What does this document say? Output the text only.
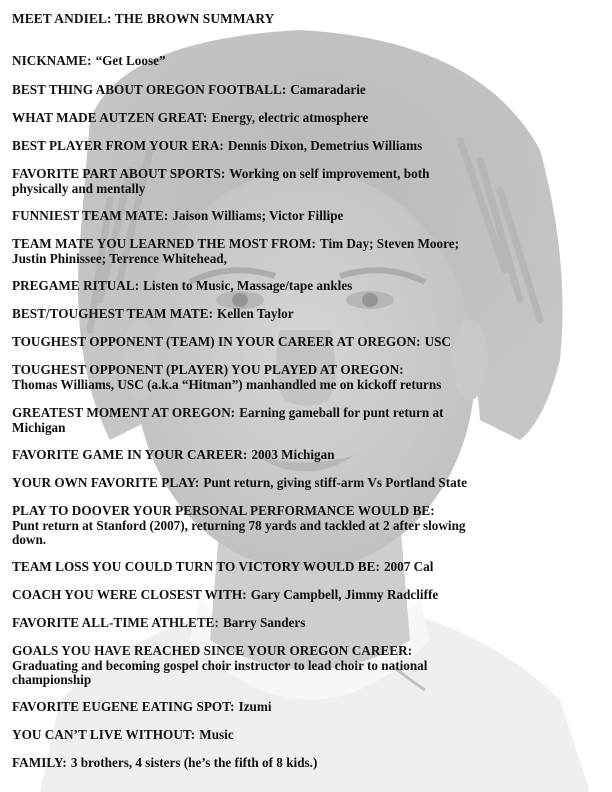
MEET ANDIEL: THE BROWN SUMMARY
NICKNAME: “Get Loose”
BEST THING ABOUT OREGON FOOTBALL: Camaradarie
WHAT MADE AUTZEN GREAT: Energy, electric atmosphere
BEST PLAYER FROM YOUR ERA: Dennis Dixon, Demetrius Williams
FAVORITE PART ABOUT SPORTS: Working on self improvement, both
physically and mentally
FUNNIEST TEAM MATE: Jaison Williams; Victor Fillipe
TEAM MATE YOU LEARNED THE MOST FROM: Tim Day; Steven Moore;
Justin Phinissee; Terrence Whitehead,
PREGAME RITUAL: Listen to Music, Massage/tape ankles
BEST/TOUGHEST TEAM MATE: Kellen Taylor
TOUGHEST OPPONENT (TEAM) IN YOUR CAREER AT OREGON: USC
TOUGHEST OPPONENT (PLAYER) YOU PLAYED AT OREGON:
Thomas Williams, USC (a.k.a “Hitman”) manhandled me on kickoff returns
GREATEST MOMENT AT OREGON: Earning gameball for punt return at
Michigan
FAVORITE GAME IN YOUR CAREER: 2003 Michigan
YOUR OWN FAVORITE PLAY: Punt return, giving stiff-arm Vs Portland State
PLAY TO DOOVER YOUR PERSONAL PERFORMANCE WOULD BE:
Punt return at Stanford (2007), returning 78 yards and tackled at 2 after slowing
down.
TEAM LOSS YOU COULD TURN TO VICTORY WOULD BE: 2007 Cal
COACH YOU WERE CLOSEST WITH: Gary Campbell, Jimmy Radcliffe
FAVORITE ALL-TIME ATHLETE: Barry Sanders
GOALS YOU HAVE REACHED SINCE YOUR OREGON CAREER:
Graduating and becoming gospel choir instructor to lead choir to national
championship
FAVORITE EUGENE EATING SPOT: Izumi
YOU CAN’T LIVE WITHOUT: Music
FAMILY: 3 brothers, 4 sisters (he’s the fifth of 8 kids.)
